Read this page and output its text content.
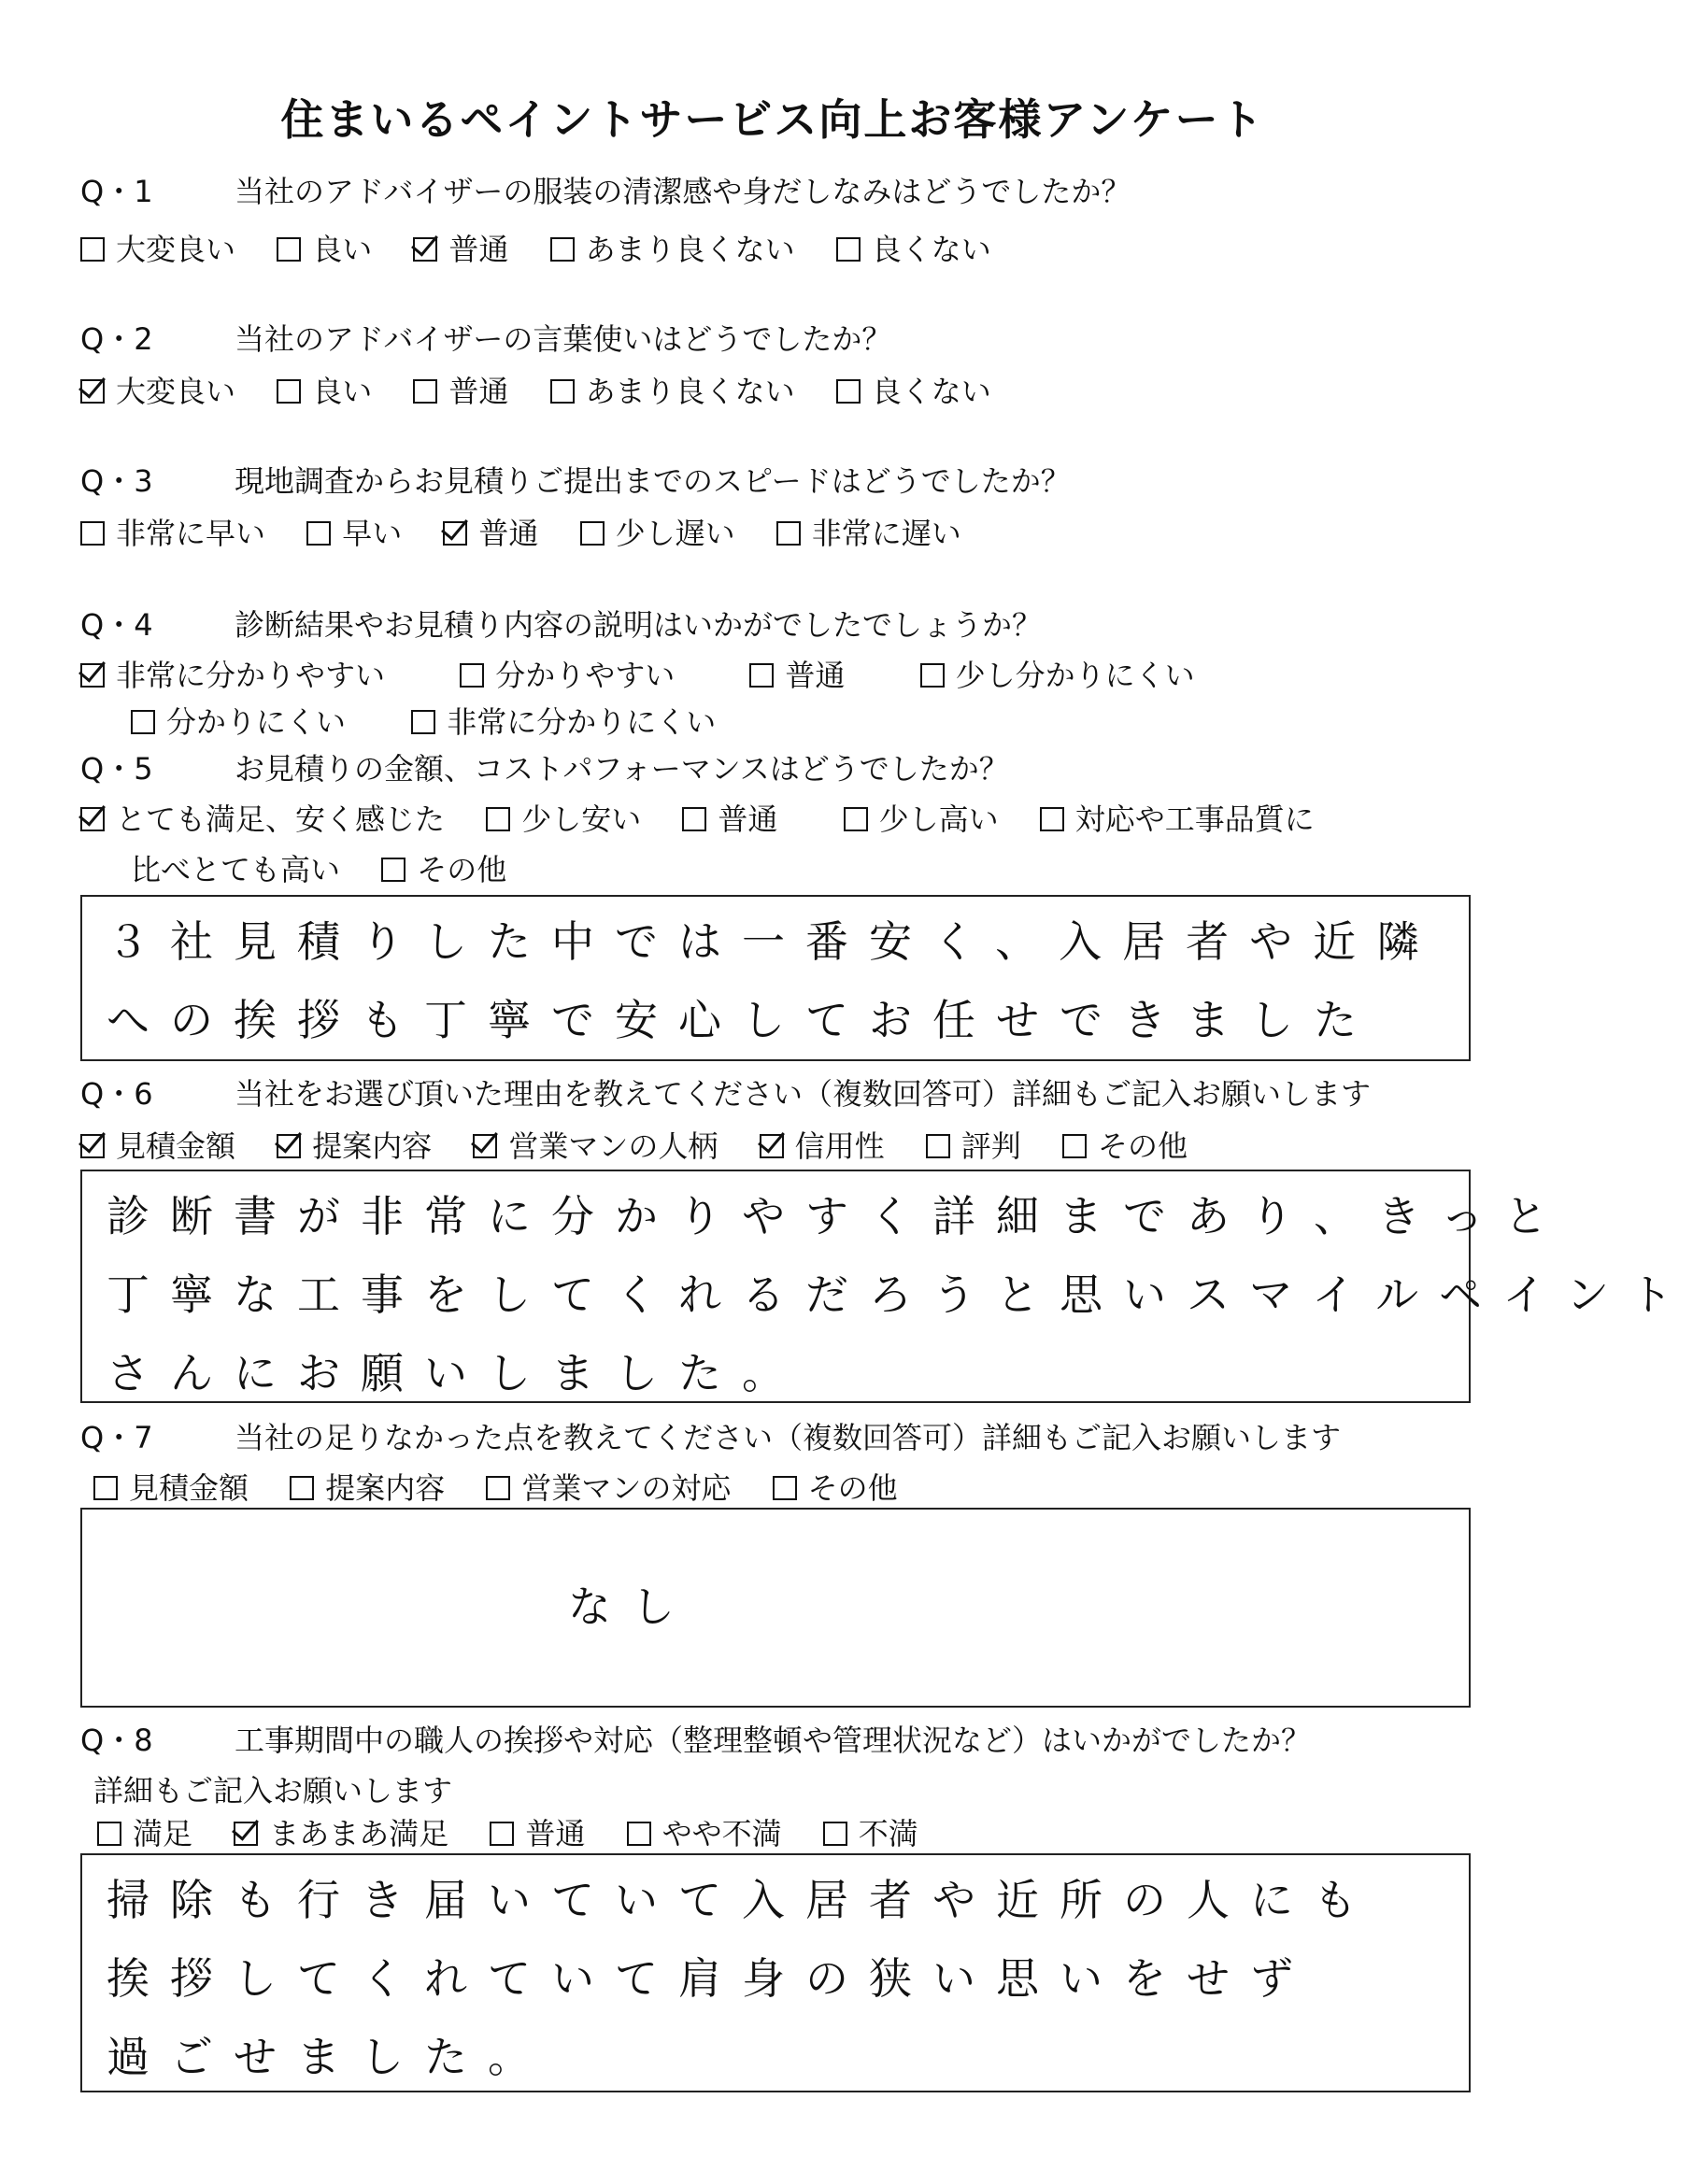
住まいるペイントサービス向上お客様アンケート
Q・1	当社のアドバイザーの服装の清潔感や身だしなみはどうでしたか？
大変良い	良い	普通	あまり良くない	良くない
Q・2	当社のアドバイザーの言葉使いはどうでしたか？
大変良い	良い	普通	あまり良くない	良くない
Q・3	現地調査からお見積りご提出までのスピードはどうでしたか？
非常に早い	早い	普通	少し遅い	非常に遅い
Q・4	診断結果やお見積り内容の説明はいかがでしたでしょうか？
非常に分かりやすい	分かりやすい	普通	少し分かりにくい
分かりにくい	非常に分かりにくい
Q・5	お見積りの金額、コストパフォーマンスはどうでしたか？
とても満足、安く感じた	少し安い	普通	少し高い	対応や工事品質に
比べとても高い	その他
３社見積りした中では一番安く、入居者や近隣
への挨拶も丁寧で安心してお任せできました
Q・6	当社をお選び頂いた理由を教えてください（複数回答可）詳細もご記入お願いします
見積金額	提案内容	営業マンの人柄	信用性	評判	その他
診断書が非常に分かりやすく詳細まであり、きっと
丁寧な工事をしてくれるだろうと思いスマイルペイント
さんにお願いしました。
Q・7	当社の足りなかった点を教えてください（複数回答可）詳細もご記入お願いします
見積金額	提案内容	営業マンの対応	その他
なし
Q・8	工事期間中の職人の挨拶や対応（整理整頓や管理状況など）はいかがでしたか？
詳細もご記入お願いします
満足	まあまあ満足	普通	やや不満	不満
掃除も行き届いていて入居者や近所の人にも
挨拶してくれていて肩身の狭い思いをせず
過ごせました。
